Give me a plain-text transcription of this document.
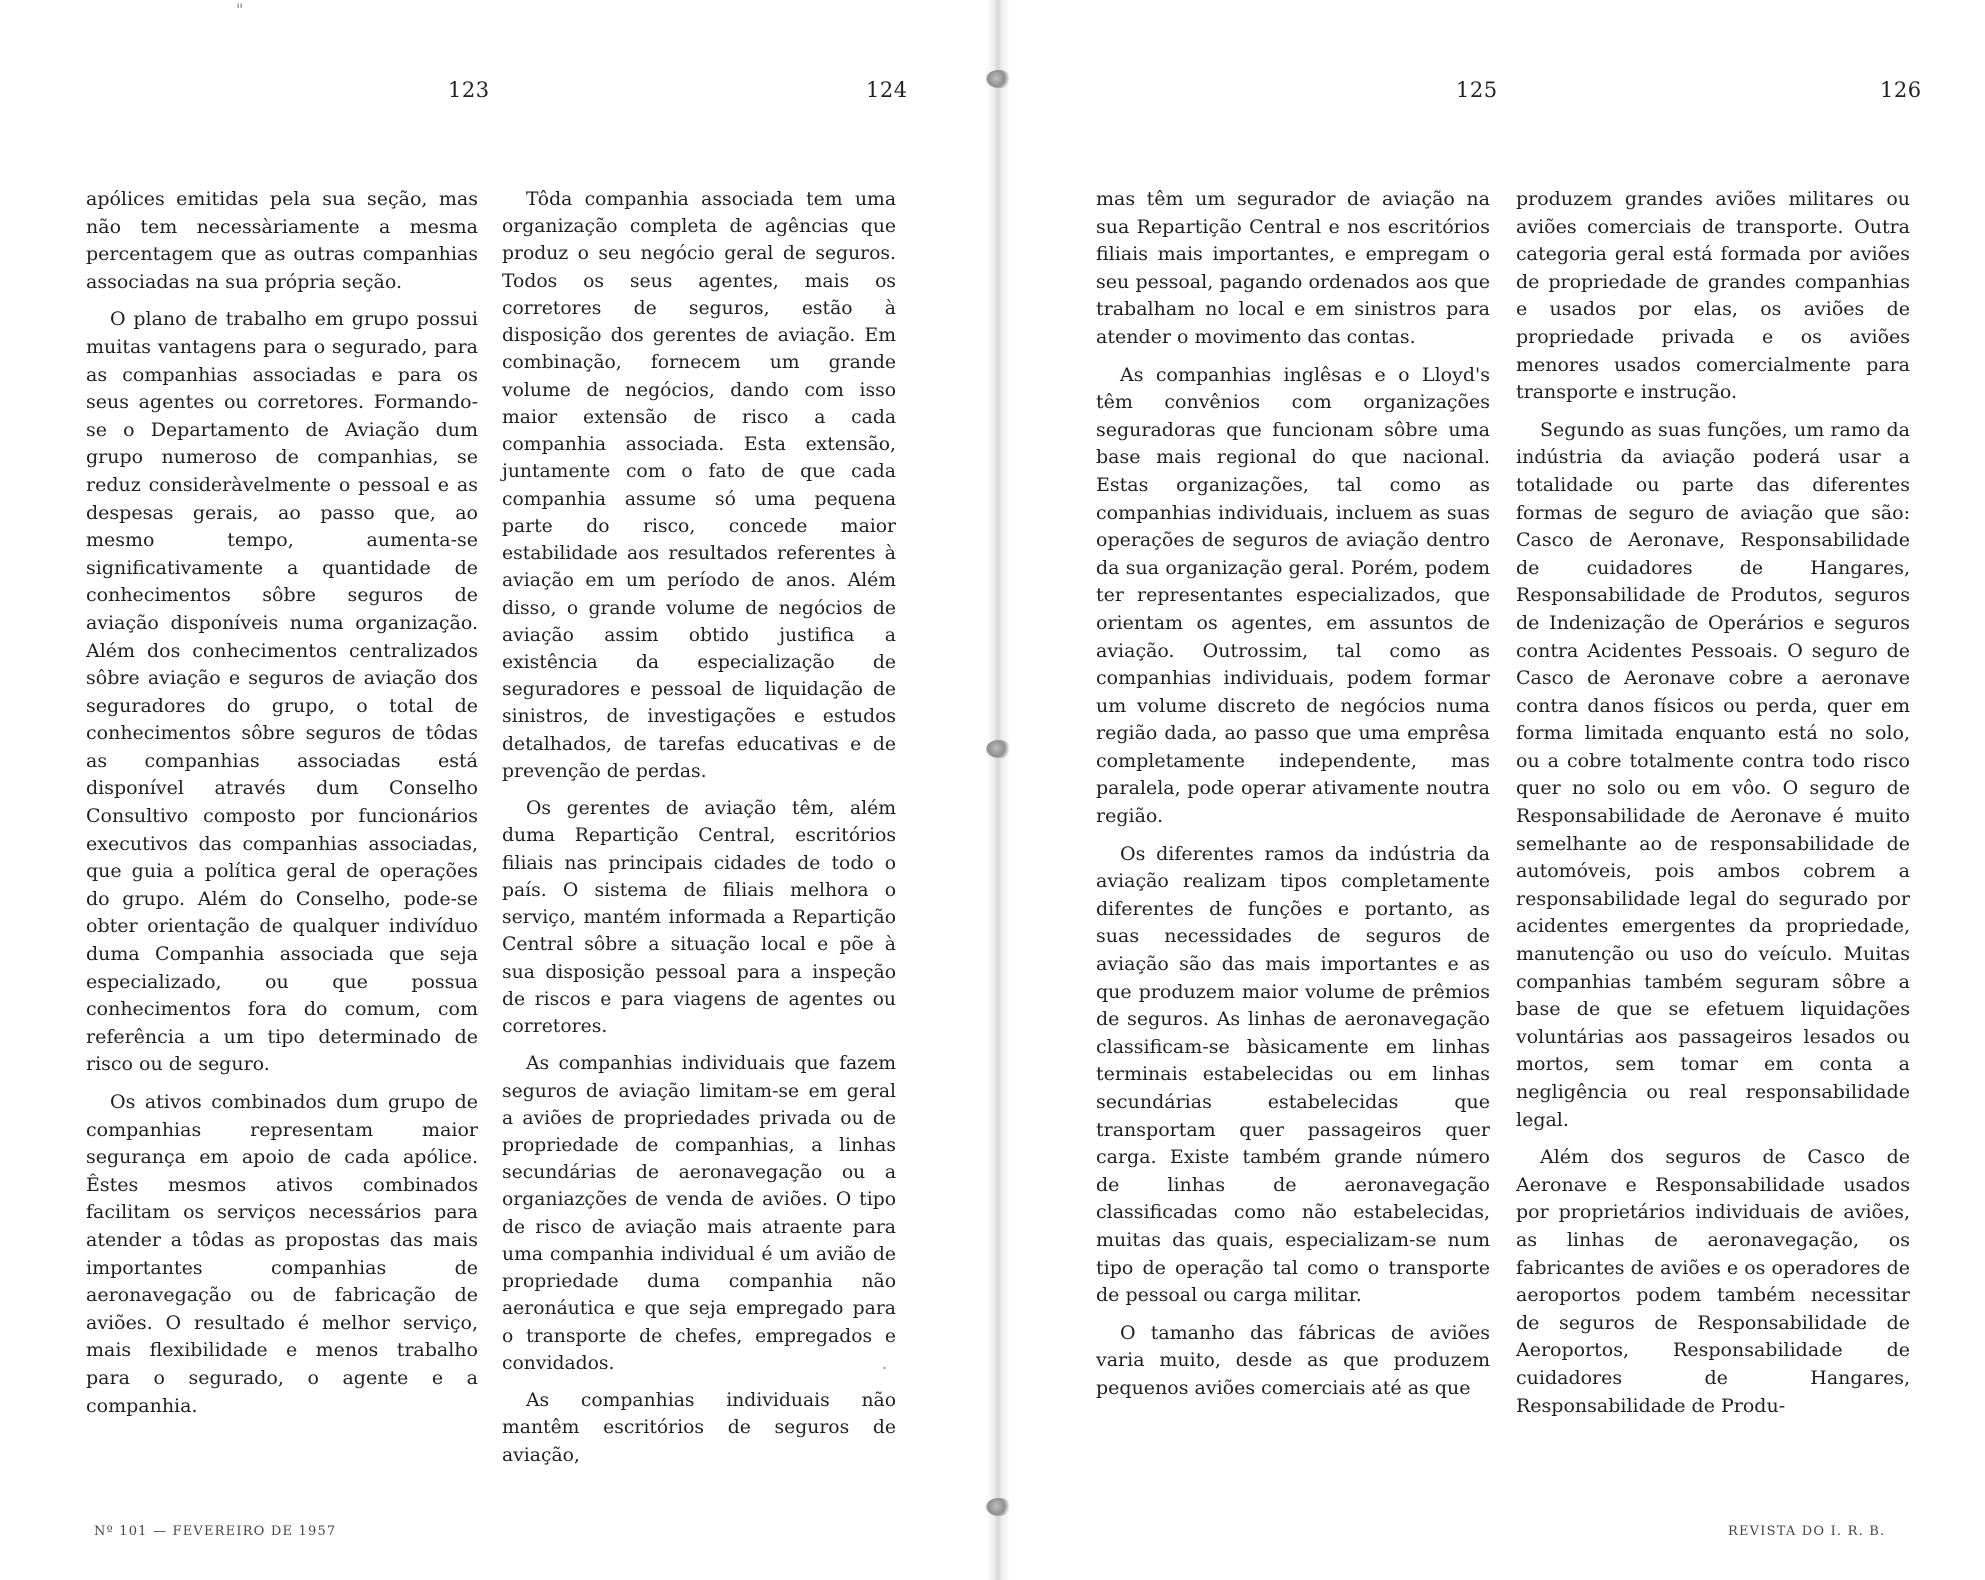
"
123

apólices emitidas pela sua seção, mas não tem necessàriamente a mesma percentagem que as outras companhias associadas na sua própria seção.

O plano de trabalho em grupo possui muitas vantagens para o segurado, para as companhias associadas e para os seus agentes ou corretores. Formando-se o Departamento de Aviação dum grupo numeroso de companhias, se reduz consideràvelmente o pessoal e as despesas gerais, ao passo que, ao mesmo tempo, aumenta-se significativamente a quantidade de conhecimentos sôbre seguros de aviação disponíveis numa organização. Além dos conhecimentos centralizados sôbre aviação e seguros de aviação dos seguradores do grupo, o total de conhecimentos sôbre seguros de tôdas as companhias associadas está disponível através dum Conselho Consultivo composto por funcionários executivos das companhias associadas, que guia a política geral de operações do grupo. Além do Conselho, pode-se obter orientação de qualquer indivíduo duma Companhia associada que seja especializado, ou que possua conhecimentos fora do comum, com referência a um tipo determinado de risco ou de seguro.

Os ativos combinados dum grupo de companhias representam maior segurança em apoio de cada apólice. Êstes mesmos ativos combinados facilitam os serviços necessários para atender a tôdas as propostas das mais importantes companhias de aeronavegação ou de fabricação de aviões. O resultado é melhor serviço, mais flexibilidade e menos trabalho para o segurado, o agente e a companhia.

124

Tôda companhia associada tem uma organização completa de agências que produz o seu negócio geral de seguros. Todos os seus agentes, mais os corretores de seguros, estão à disposição dos gerentes de aviação. Em combinação, fornecem um grande volume de negócios, dando com isso maior extensão de risco a cada companhia associada. Esta extensão, juntamente com o fato de que cada companhia assume só uma pequena parte do risco, concede maior estabilidade aos resultados referentes à aviação em um período de anos. Além disso, o grande volume de negócios de aviação assim obtido justifica a existência da especialização de seguradores e pessoal de liquidação de sinistros, de investigações e estudos detalhados, de tarefas educativas e de prevenção de perdas.

Os gerentes de aviação têm, além duma Repartição Central, escritórios filiais nas principais cidades de todo o país. O sistema de filiais melhora o serviço, mantém informada a Repartição Central sôbre a situação local e põe à sua disposição pessoal para a inspeção de riscos e para viagens de agentes ou corretores.

As companhias individuais que fazem seguros de aviação limitam-se em geral a aviões de propriedades privada ou de propriedade de companhias, a linhas secundárias de aeronavegação ou a organiazções de venda de aviões. O tipo de risco de aviação mais atraente para uma companhia individual é um avião de propriedade duma companhia não aeronáutica e que seja empregado para o transporte de chefes, empregados e convidados.

As companhias individuais não mantêm escritórios de seguros de aviação,

125

mas têm um segurador de aviação na sua Repartição Central e nos escritórios filiais mais importantes, e empregam o seu pessoal, pagando ordenados aos que trabalham no local e em sinistros para atender o movimento das contas.

As companhias inglêsas e o Lloyd's têm convênios com organizações seguradoras que funcionam sôbre uma base mais regional do que nacional. Estas organizações, tal como as companhias individuais, incluem as suas operações de seguros de aviação dentro da sua organização geral. Porém, podem ter representantes especializados, que orientam os agentes, em assuntos de aviação. Outrossim, tal como as companhias individuais, podem formar um volume discreto de negócios numa região dada, ao passo que uma emprêsa completamente independente, mas paralela, pode operar ativamente noutra região.

Os diferentes ramos da indústria da aviação realizam tipos completamente diferentes de funções e portanto, as suas necessidades de seguros de aviação são das mais importantes e as que produzem maior volume de prêmios de seguros. As linhas de aeronavegação classificam-se bàsicamente em linhas terminais estabelecidas ou em linhas secundárias estabelecidas que transportam quer passageiros quer carga. Existe também grande número de linhas de aeronavegação classificadas como não estabelecidas, muitas das quais, especializam-se num tipo de operação tal como o transporte de pessoal ou carga militar.

O tamanho das fábricas de aviões varia muito, desde as que produzem pequenos aviões comerciais até as que

126

produzem grandes aviões militares ou aviões comerciais de transporte. Outra categoria geral está formada por aviões de propriedade de grandes companhias e usados por elas, os aviões de propriedade privada e os aviões menores usados comercialmente para transporte e instrução.

Segundo as suas funções, um ramo da indústria da aviação poderá usar a totalidade ou parte das diferentes formas de seguro de aviação que são: Casco de Aeronave, Responsabilidade de cuidadores de Hangares, Responsabilidade de Produtos, seguros de Indenização de Operários e seguros contra Acidentes Pessoais. O seguro de Casco de Aeronave cobre a aeronave contra danos físicos ou perda, quer em forma limitada enquanto está no solo, ou a cobre totalmente contra todo risco quer no solo ou em vôo. O seguro de Responsabilidade de Aeronave é muito semelhante ao de responsabilidade de automóveis, pois ambos cobrem a responsabilidade legal do segurado por acidentes emergentes da propriedade, manutenção ou uso do veículo. Muitas companhias também seguram sôbre a base de que se efetuem liquidações voluntárias aos passageiros lesados ou mortos, sem tomar em conta a negligência ou real responsabilidade legal.

Além dos seguros de Casco de Aeronave e Responsabilidade usados por proprietários individuais de aviões, as linhas de aeronavegação, os fabricantes de aviões e os operadores de aeroportos podem também necessitar de seguros de Responsabilidade de Aeroportos, Responsabilidade de cuidadores de Hangares, Responsabilidade de Produ-

Nº 101 — FEVEREIRO DE 1957	REVISTA DO I. R. B.
.
